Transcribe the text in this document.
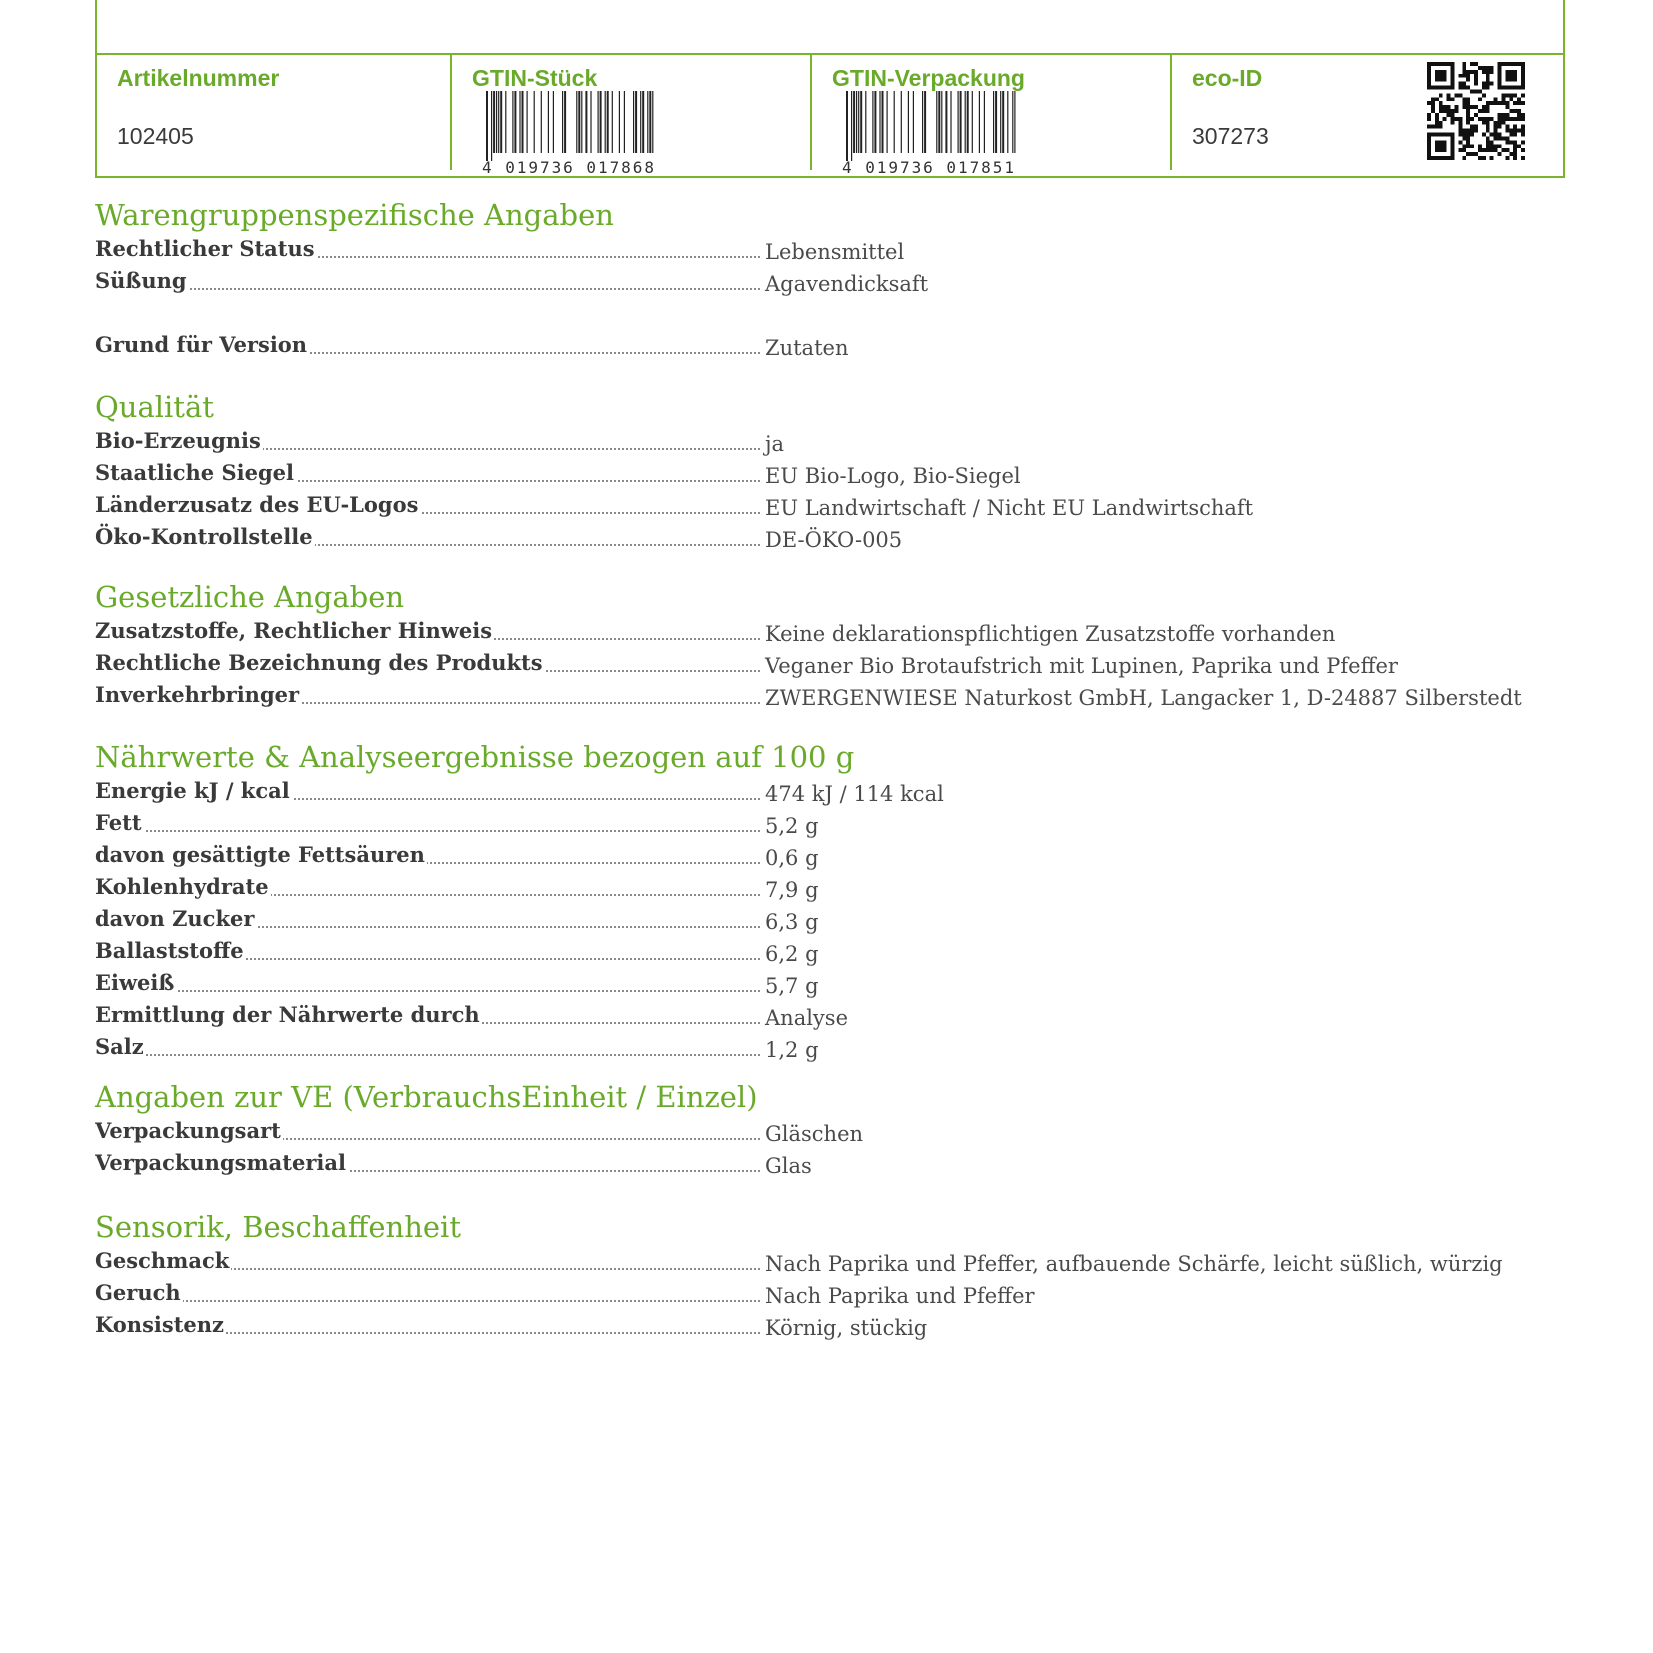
Artikelnummer
102405
GTIN-Stück
4 019736 017868
GTIN-Verpackung
4 019736 017851
eco-ID
307273
Warengruppenspezifische Angaben
Rechtlicher Status	Lebensmittel
Süßung	Agavendicksaft
Grund für Version	Zutaten
Qualität
Bio-Erzeugnis	ja
Staatliche Siegel	EU Bio-Logo, Bio-Siegel
Länderzusatz des EU-Logos	EU Landwirtschaft / Nicht EU Landwirtschaft
Öko-Kontrollstelle	DE-ÖKO-005
Gesetzliche Angaben
Zusatzstoffe, Rechtlicher Hinweis	Keine deklarationspflichtigen Zusatzstoffe vorhanden
Rechtliche Bezeichnung des Produkts	Veganer Bio Brotaufstrich mit Lupinen, Paprika und Pfeffer
Inverkehrbringer	ZWERGENWIESE Naturkost GmbH, Langacker 1, D-24887 Silberstedt
Nährwerte & Analyseergebnisse bezogen auf 100 g
Energie kJ / kcal	474 kJ / 114 kcal
Fett	5,2 g
davon gesättigte Fettsäuren	0,6 g
Kohlenhydrate	7,9 g
davon Zucker	6,3 g
Ballaststoffe	6,2 g
Eiweiß	5,7 g
Ermittlung der Nährwerte durch	Analyse
Salz	1,2 g
Angaben zur VE (VerbrauchsEinheit / Einzel)
Verpackungsart	Gläschen
Verpackungsmaterial	Glas
Sensorik, Beschaffenheit
Geschmack	Nach Paprika und Pfeffer, aufbauende Schärfe, leicht süßlich, würzig
Geruch	Nach Paprika und Pfeffer
Konsistenz	Körnig, stückig
